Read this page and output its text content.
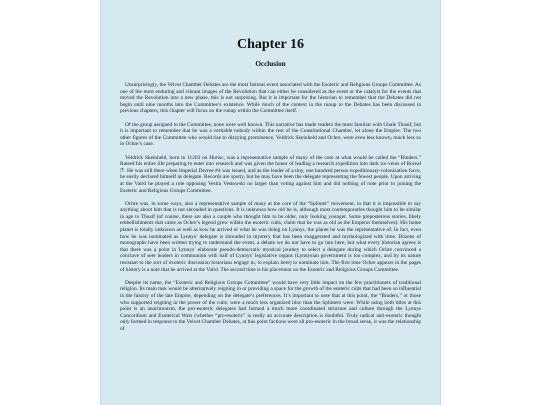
Chapter 16
Occlusion

Unsurprisingly, the Velvet Chamber Debates are the most famous event associated with the Esoteric and Religious Groups Committee. As one of the most enduring and vibrant images of the Revolution that can either be considered as the event or the catalyst for the events that moved the Revolution into a new phase, this is not surprising. But it is important for the historian to remember that the Debates did not begin until nine months into the Committee’s existence. While much of the context in the runup to the Debates has been discussed in previous chapters, this chapter will focus on the runup within the Committee itself.

Of the group assigned to the Committee, none were well known. This narrative has made readers the most familiar with Ghale Thusif, but it is important to remember that he was a veritable nobody within the rest of the Constitutional Chamber, let alone the Empire. The two other figures of the Committee who would rise to dizzying prominence, Veldrick Skeinheld and Ochre, were even less known, much less so in Ochre’s case.

Veldrick Skeinheld, born in 11203 on Hurisc, was a representative sample of many of the core at what would be called the “Binders.” Raised his entire life preparing to enter into research and was given the honor of leading a research expedition into dark ice veins of Boreal ℱ. He was still there when Imperial Decree #4 was issued, and as the leader of a tiny, one hundred person expeditionary-colonization force, he easily declared himself as delegate. Records are spotty, but he may have been the delegate representing the fewest people. Upon arriving at the Vaird he played a role opposing Vestin Vestowski no larger than voting against him and did nothing of note prior to joining the Esoteric and Religious Groups Committee.

Ochre was, in some ways, also a representative sample of many at the core of the “Splinter” movement, in that it is impossible to say anything about him that is not shrouded in questions. It is unknown how old he is, although most contemporaries thought him to be similar in age to Thusif (of course, there are also a couple who thought him to be older, only looking younger. Some preposterous stories, likely embellishments that came as Ochre’s legend grew within the esoteric cults, claim that he was as old as the Emperor themselves). His home planet is totally unknown as well as how he arrived or what he was doing on Lynnys, the planet he was the representative of. In fact, even how he was nominated as Lynnys’ delegate is shrouded in mystery that has been exaggerated and mythologized with time. Dozens of monographs have been written trying to understand the event, a debate we do not have to go into here, but what every historian agrees is that there was a point in Lynnys’ elaborate pseudo-democratic mystical journey to select a delegate during which Ochre convinced a conclave of seer leaders in communion with half of Lynnys’ legislative organs (Lynnysian government is too complex, and by its nature resistant to the sort of exoteric discussion historians engage in, to explain here) to nominate him. The first time Ochre appears in the pages of history is a note that he arrived at the Vaird. The second time is his placement on the Esoteric and Religious Groups Committee.

Despite its name, the “Esoteric and Religious Groups Committee” would have very little impact on the few practitioners of traditional religion. Its main task would be alternatively reigning in or providing a space for the growth of the esoteric cults that had been so influential in the history of the late Empire, depending on the delegate’s preferences. It’s important to note that at this point, the “Binders,” or those who supported reigning in the power of the cults, were a much less organized bloc than the Splinters were. While using both titles at this point is an anachronism, the pro-esoteric delegates had formed a much more coordinated structure and culture through the Lynnys Concordium and Esoterical Wars (whether “pro-esoteric” is really an accurate description is doubtful. Truly radical anti-esoteric thought only formed in response to the Velvet Chamber Debates, at this point factions were all pro-esoteric in the broad sense, it was the relationship of
